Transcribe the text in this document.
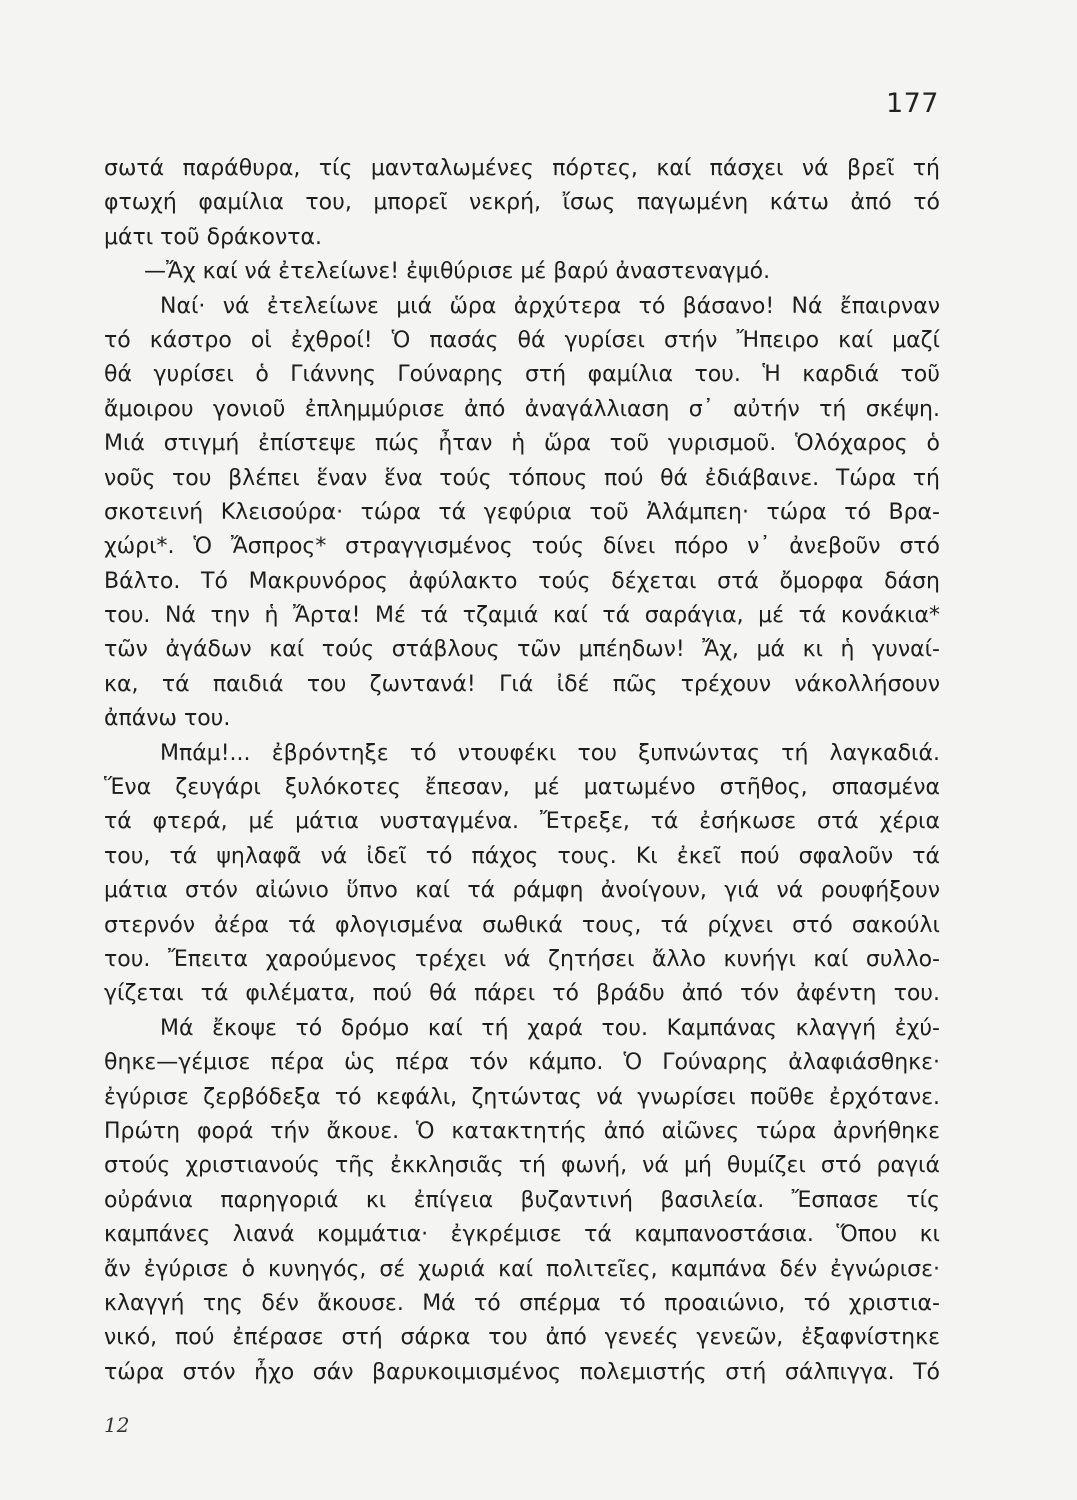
177
σωτά παράθυρα, τίς μανταλωμένες πόρτες, καί πάσχει νά βρεῖ τή
φτωχή φαμίλια του, μπορεῖ νεκρή, ἴσως παγωμένη κάτω ἀπό τό
μάτι τοῦ δράκοντα.
—Ἄχ καί νά ἐτελείωνε! ἐψιθύρισε μέ βαρύ ἀναστεναγμό.
Ναί· νά ἐτελείωνε μιά ὥρα ἀρχύτερα τό βάσανο! Νά ἔπαιρναν
τό κάστρο οἱ ἐχθροί! Ὁ πασάς θά γυρίσει στήν Ἤπειρο καί μαζί
θά γυρίσει ὁ Γιάννης Γούναρης στή φαμίλια του. Ἡ καρδιά τοῦ
ἄμοιρου γονιοῦ ἐπλημμύρισε ἀπό ἀναγάλλιαση σ᾽ αὐτήν τή σκέψη.
Μιά στιγμή ἐπίστεψε πώς ἦταν ἡ ὥρα τοῦ γυρισμοῦ. Ὁλόχαρος ὁ
νοῦς του βλέπει ἕναν ἕνα τούς τόπους πού θά ἐδιάβαινε. Τώρα τή
σκοτεινή Κλεισούρα· τώρα τά γεφύρια τοῦ Ἀλάμπεη· τώρα τό Βρα-
χώρι*. Ὁ Ἄσπρος* στραγγισμένος τούς δίνει πόρο ν᾽ ἀνεβοῦν στό
Βάλτο. Τό Μακρυνόρος ἀφύλακτο τούς δέχεται στά ὄμορφα δάση
του. Νά την ἡ Ἄρτα! Μέ τά τζαμιά καί τά σαράγια, μέ τά κονάκια*
τῶν ἀγάδων καί τούς στάβλους τῶν μπέηδων! Ἄχ, μά κι ἡ γυναί-
κα, τά παιδιά του ζωντανά! Γιά ἰδέ πῶς τρέχουν νάκολλήσουν
ἀπάνω του.
Μπάμ!... ἐβρόντηξε τό ντουφέκι του ξυπνώντας τή λαγκαδιά.
Ἕνα ζευγάρι ξυλόκοτες ἔπεσαν, μέ ματωμένο στῆθος, σπασμένα
τά φτερά, μέ μάτια νυσταγμένα. Ἔτρεξε, τά ἐσήκωσε στά χέρια
του, τά ψηλαφᾶ νά ἰδεῖ τό πάχος τους. Κι ἐκεῖ πού σφαλοῦν τά
μάτια στόν αἰώνιο ὕπνο καί τά ράμφη ἀνοίγουν, γιά νά ρουφήξουν
στερνόν ἀέρα τά φλογισμένα σωθικά τους, τά ρίχνει στό σακούλι
του. Ἔπειτα χαρούμενος τρέχει νά ζητήσει ἄλλο κυνήγι καί συλλο-
γίζεται τά φιλέματα, πού θά πάρει τό βράδυ ἀπό τόν ἀφέντη του.
Μά ἔκοψε τό δρόμο καί τή χαρά του. Καμπάνας κλαγγή ἐχύ-
θηκε—γέμισε πέρα ὡς πέρα τόν κάμπο. Ὁ Γούναρης ἀλαφιάσθηκε·
ἐγύρισε ζερβόδεξα τό κεφάλι, ζητώντας νά γνωρίσει ποῦθε ἐρχότανε.
Πρώτη φορά τήν ἄκουε. Ὁ κατακτητής ἀπό αἰῶνες τώρα ἀρνήθηκε
στούς χριστιανούς τῆς ἐκκλησιᾶς τή φωνή, νά μή θυμίζει στό ραγιά
οὐράνια παρηγοριά κι ἐπίγεια βυζαντινή βασιλεία. Ἔσπασε τίς
καμπάνες λιανά κομμάτια· ἐγκρέμισε τά καμπανοστάσια. Ὅπου κι
ἄν ἐγύρισε ὁ κυνηγός, σέ χωριά καί πολιτεῖες, καμπάνα δέν ἐγνώρισε·
κλαγγή της δέν ἄκουσε. Μά τό σπέρμα τό προαιώνιο, τό χριστια-
νικό, πού ἐπέρασε στή σάρκα του ἀπό γενεές γενεῶν, ἐξαφνίστηκε
τώρα στόν ἦχο σάν βαρυκοιμισμένος πολεμιστής στή σάλπιγγα. Τό
12
